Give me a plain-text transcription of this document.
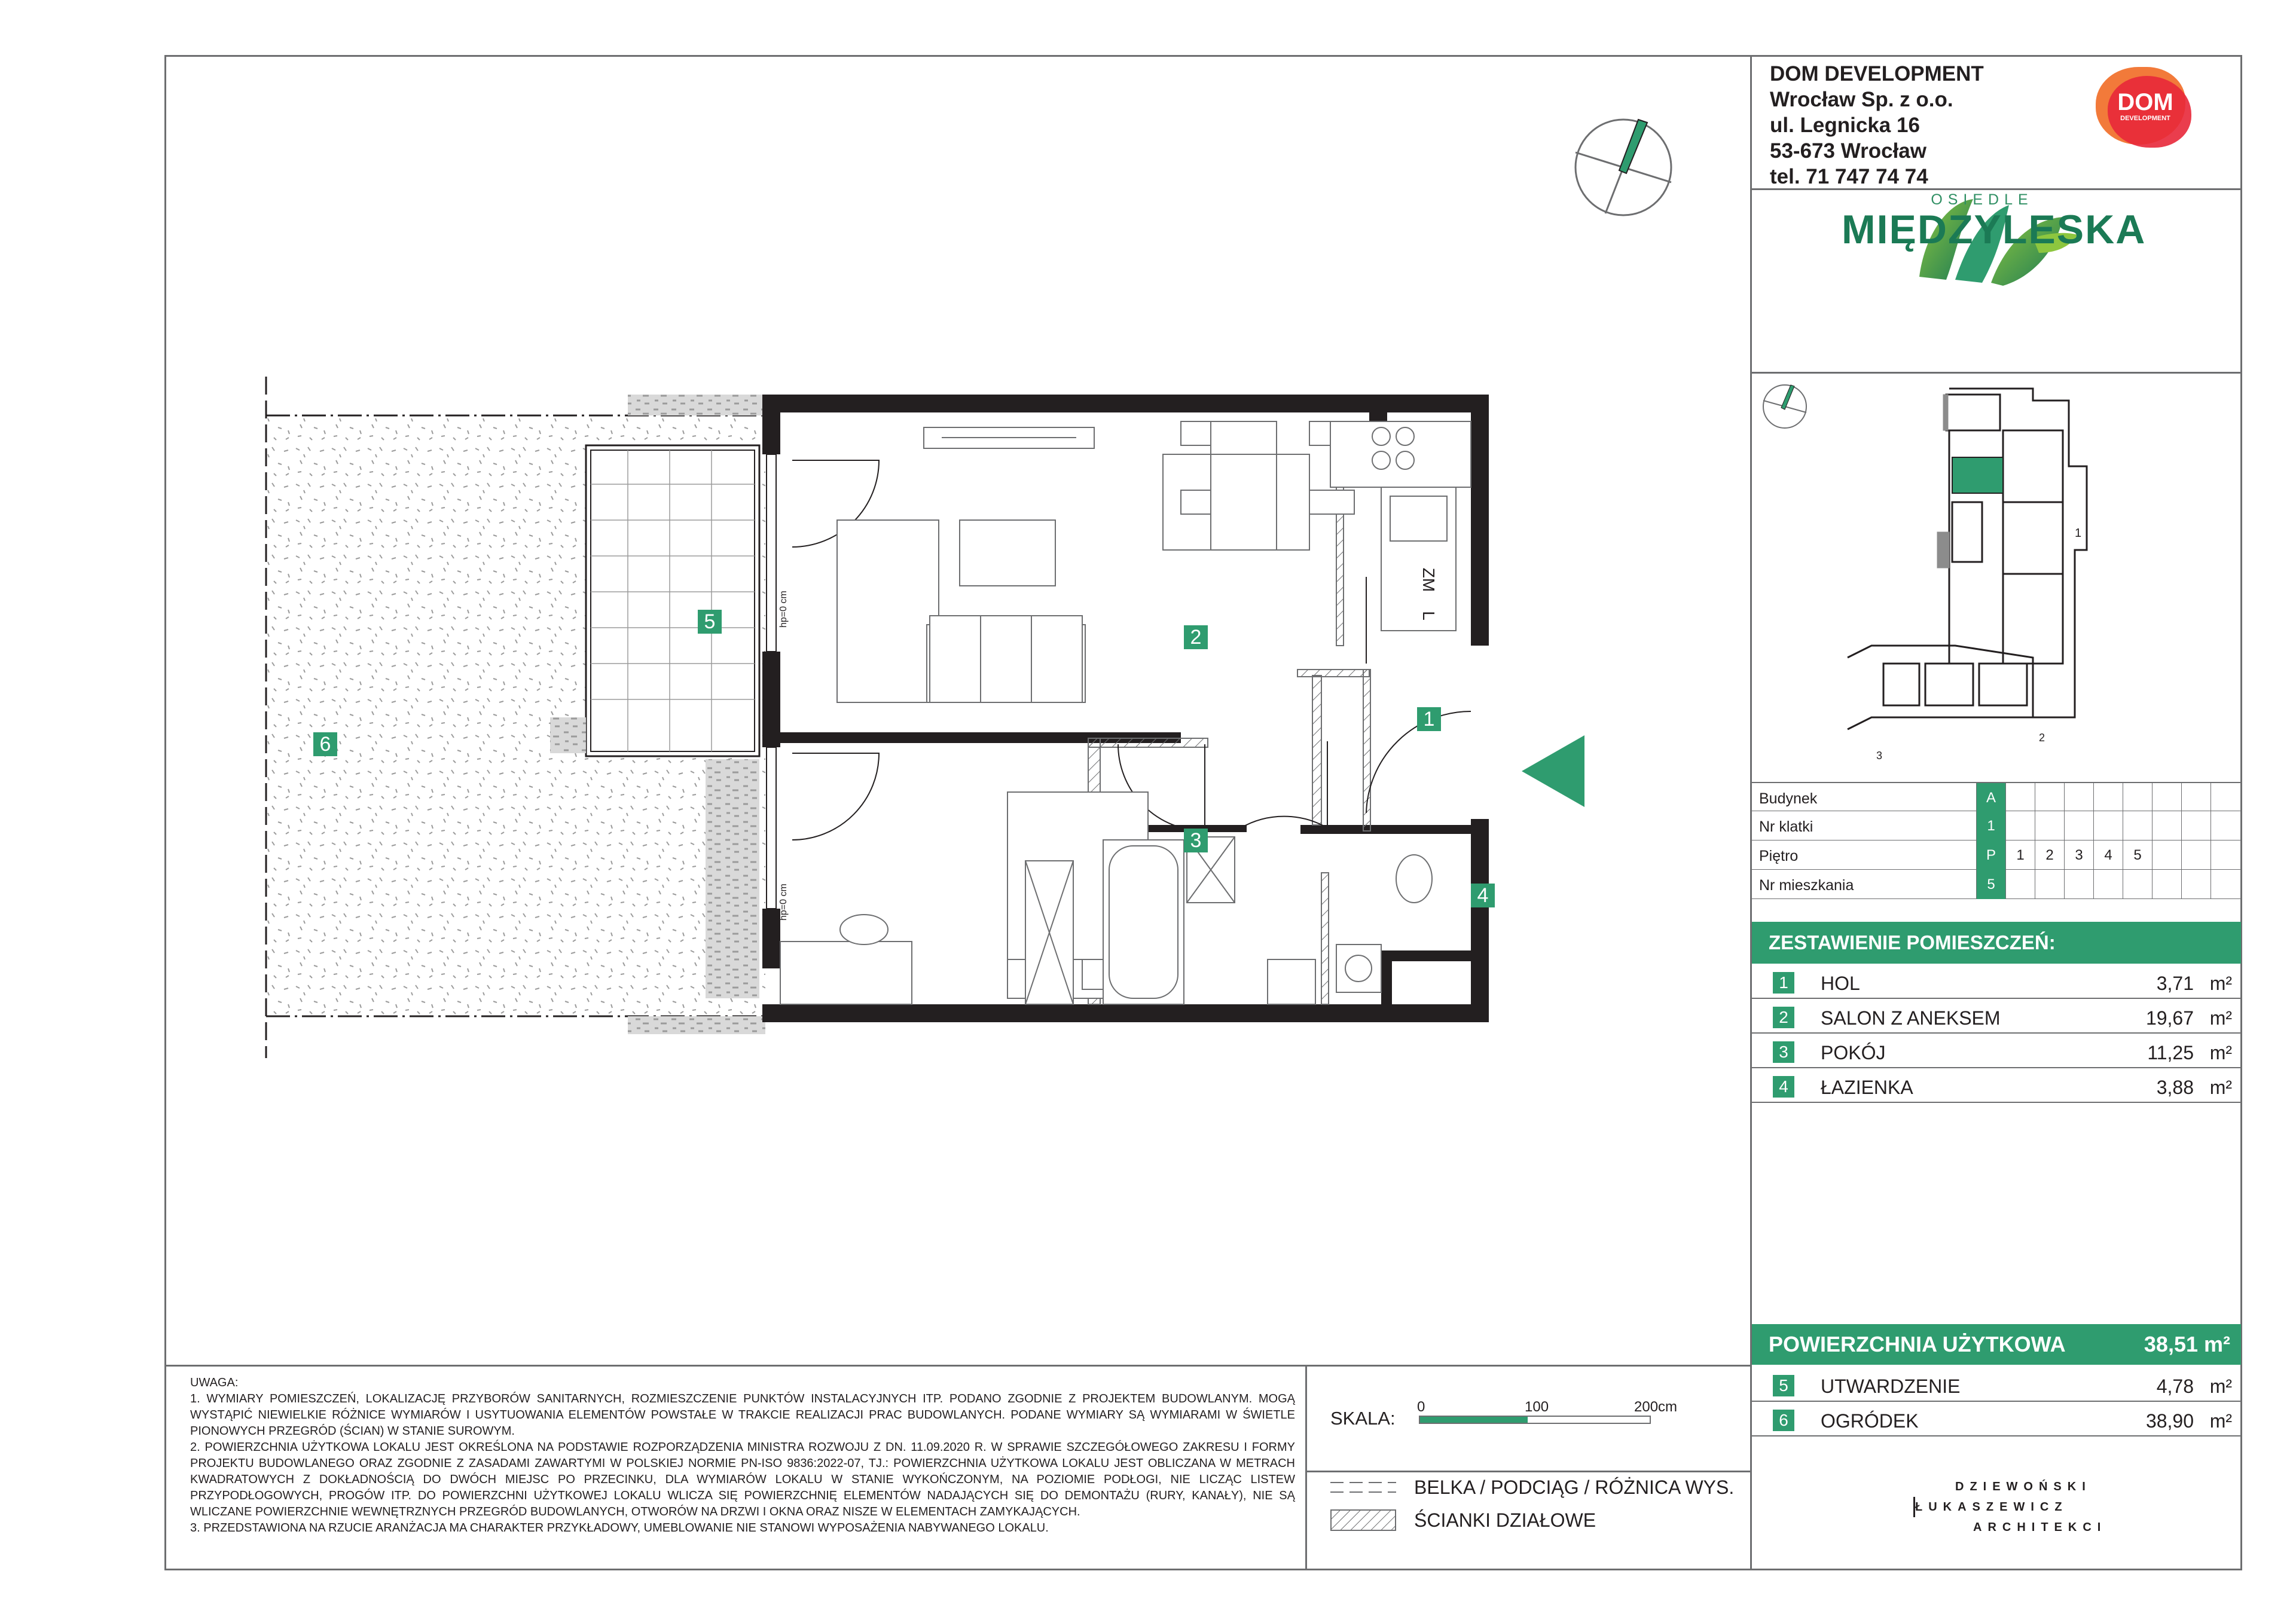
DOM DEVELOPMENT
Wrocław Sp. z o.o.
ul. Legnicka 16
53-673 Wrocław
tel. 71 747 74 74
DOM
DEVELOPMENT
OSIEDLE
MIĘDZYLESKA
1
2
3
Budynek	A
Nr klatki	1
Piętro	P	1	2	3	4	5
Nr mieszkania	5
ZESTAWIENIE POMIESZCZEŃ:
1	HOL	3,71 m²
2	SALON Z ANEKSEM	19,67 m²
3	POKÓJ	11,25 m²
4	ŁAZIENKA	3,88 m²
POWIERZCHNIA UŻYTKOWA	38,51 m²
5	UTWARDZENIE	4,78 m²
6	OGRÓDEK	38,90 m²

UWAGA:

1. WYMIARY POMIESZCZEŃ, LOKALIZACJĘ PRZYBORÓW SANITARNYCH, ROZMIESZCZENIE PUNKTÓW INSTALACYJNYCH ITP. PODANO ZGODNIE Z PROJEKTEM BUDOWLANYM. MOGĄ WYSTĄPIĆ NIEWIELKIE RÓŻNICE WYMIARÓW I USYTUOWANIA ELEMENTÓW POWSTAŁE W TRAKCIE REALIZACJI PRAC BUDOWLANYCH. PODANE WYMIARY SĄ WYMIARAMI W ŚWIETLE PIONOWYCH PRZEGRÓD (ŚCIAN) W STANIE SUROWYM.

2. POWIERZCHNIA UŻYTKOWA LOKALU JEST OKREŚLONA NA PODSTAWIE ROZPORZĄDZENIA MINISTRA ROZWOJU Z DN. 11.09.2020 R. W SPRAWIE SZCZEGÓŁOWEGO ZAKRESU I FORMY PROJEKTU BUDOWLANEGO ORAZ ZGODNIE Z ZASADAMI ZAWARTYMI W POLSKIEJ NORMIE PN-ISO 9836:2022-07, TJ.: POWIERZCHNIA UŻYTKOWA LOKALU JEST OBLICZANA W METRACH KWADRATOWYCH Z DOKŁADNOŚCIĄ DO DWÓCH MIEJSC PO PRZECINKU, DLA WYMIARÓW LOKALU W STANIE WYKOŃCZONYM, NA POZIOMIE PODŁOGI, NIE LICZĄC LISTEW PRZYPODŁOGOWYCH, PROGÓW ITP. DO POWIERZCHNI UŻYTKOWEJ LOKALU WLICZA SIĘ POWIERZCHNIĘ ELEMENTÓW NADAJĄCYCH SIĘ DO DEMONTAŻU (RURY, KANAŁY), NIE SĄ WLICZANE POWIERZCHNIE WEWNĘTRZNYCH PRZEGRÓD BUDOWLANYCH, OTWORÓW NA DRZWI I OKNA ORAZ NISZE W ELEMENTACH ZAMYKAJĄCYCH.

3. PRZEDSTAWIONA NA RZUCIE ARANŻACJA MA CHARAKTER PRZYKŁADOWY, UMEBLOWANIE NIE STANOWI WYPOSAŻENIA NABYWANEGO LOKALU.

SKALA:
0	100	200cm
BELKA / PODCIĄG / RÓŻNICA WYS.
ŚCIANKI DZIAŁOWE
DZIEWOŃSKI
ŁUKASZEWICZ
ARCHITEKCI
ZM
L
hp=0 cm
hp=0 cm
1
2
3
4
5
6
